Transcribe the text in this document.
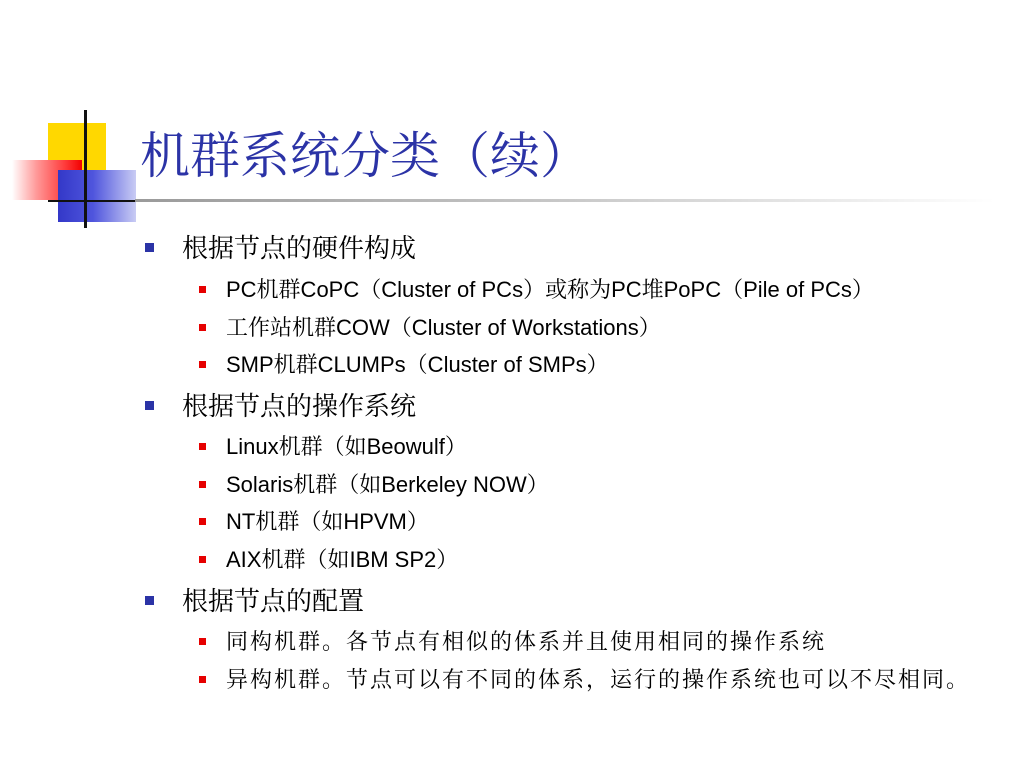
机群系统分类（续）
根据节点的硬件构成
PC机群CoPC（Cluster of PCs）或称为PC堆PoPC（Pile of PCs）
工作站机群COW（Cluster of Workstations）
SMP机群CLUMPs（Cluster of SMPs）
根据节点的操作系统
Linux机群（如Beowulf）
Solaris机群（如Berkeley NOW）
NT机群（如HPVM）
AIX机群（如IBM SP2）
根据节点的配置
同构机群。各节点有相似的体系并且使用相同的操作系统
异构机群。节点可以有不同的体系，运行的操作系统也可以不尽相同。
